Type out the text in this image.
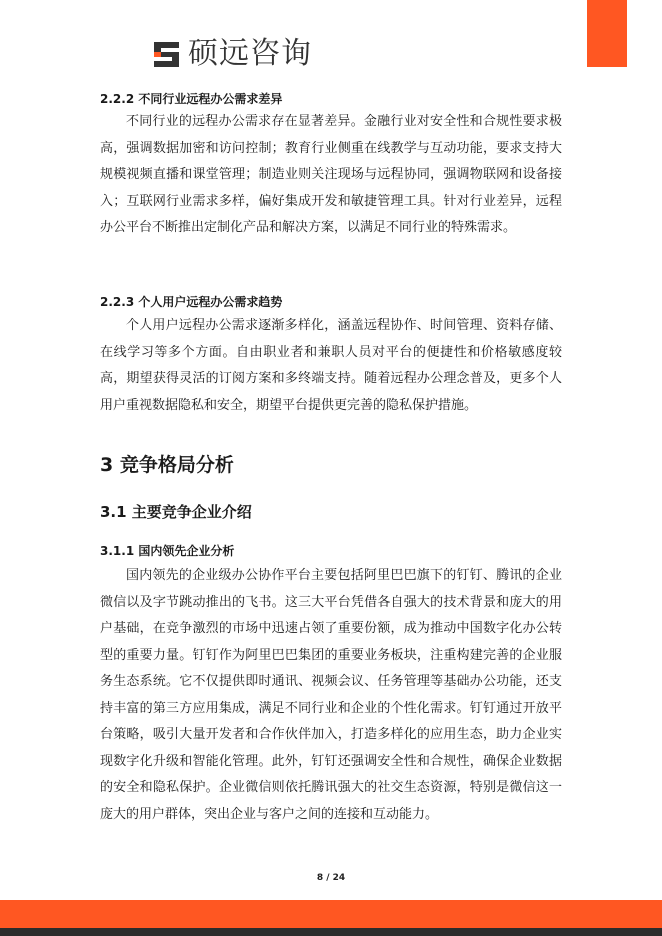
硕远咨询
2.2.2 不同行业远程办公需求差异

不同行业的远程办公需求存在显著差异。金融行业对安全性和合规性要求极高，强调数据加密和访问控制；教育行业侧重在线教学与互动功能，要求支持大规模视频直播和课堂管理；制造业则关注现场与远程协同，强调物联网和设备接入；互联网行业需求多样，偏好集成开发和敏捷管理工具。针对行业差异，远程办公平台不断推出定制化产品和解决方案，以满足不同行业的特殊需求。

2.2.3 个人用户远程办公需求趋势

个人用户远程办公需求逐渐多样化，涵盖远程协作、时间管理、资料存储、在线学习等多个方面。自由职业者和兼职人员对平台的便捷性和价格敏感度较高，期望获得灵活的订阅方案和多终端支持。随着远程办公理念普及，更多个人用户重视数据隐私和安全，期望平台提供更完善的隐私保护措施。

3 竞争格局分析
3.1 主要竞争企业介绍
3.1.1 国内领先企业分析

国内领先的企业级办公协作平台主要包括阿里巴巴旗下的钉钉、腾讯的企业微信以及字节跳动推出的飞书。这三大平台凭借各自强大的技术背景和庞大的用户基础，在竞争激烈的市场中迅速占领了重要份额，成为推动中国数字化办公转型的重要力量。钉钉作为阿里巴巴集团的重要业务板块，注重构建完善的企业服务生态系统。它不仅提供即时通讯、视频会议、任务管理等基础办公功能，还支持丰富的第三方应用集成，满足不同行业和企业的个性化需求。钉钉通过开放平台策略，吸引大量开发者和合作伙伴加入，打造多样化的应用生态，助力企业实现数字化升级和智能化管理。此外，钉钉还强调安全性和合规性，确保企业数据的安全和隐私保护。企业微信则依托腾讯强大的社交生态资源，特别是微信这一庞大的用户群体，突出企业与客户之间的连接和互动能力。

8 / 24
